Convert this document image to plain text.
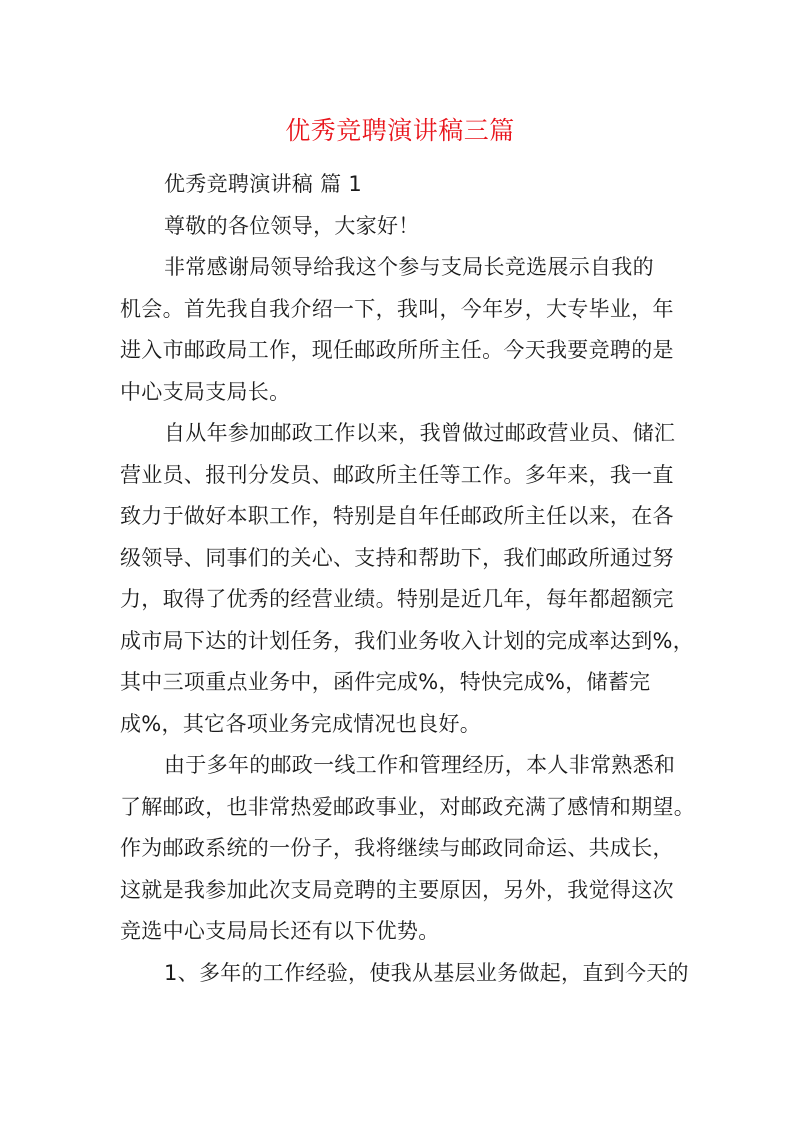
优秀竞聘演讲稿三篇
优秀竞聘演讲稿 篇 1
尊敬的各位领导，大家好！
非常感谢局领导给我这个参与支局长竞选展示自我的
机会。首先我自我介绍一下，我叫，今年岁，大专毕业，年
进入市邮政局工作，现任邮政所所主任。今天我要竞聘的是
中心支局支局长。
自从年参加邮政工作以来，我曾做过邮政营业员、储汇
营业员、报刊分发员、邮政所主任等工作。多年来，我一直
致力于做好本职工作，特别是自年任邮政所主任以来，在各
级领导、同事们的关心、支持和帮助下，我们邮政所通过努
力，取得了优秀的经营业绩。特别是近几年，每年都超额完
成市局下达的计划任务，我们业务收入计划的完成率达到%，
其中三项重点业务中，函件完成%，特快完成%，储蓄完
成%，其它各项业务完成情况也良好。
由于多年的邮政一线工作和管理经历，本人非常熟悉和
了解邮政，也非常热爱邮政事业，对邮政充满了感情和期望。
作为邮政系统的一份子，我将继续与邮政同命运、共成长，
这就是我参加此次支局竞聘的主要原因，另外，我觉得这次
竞选中心支局局长还有以下优势。
1、多年的工作经验，使我从基层业务做起，直到今天的
